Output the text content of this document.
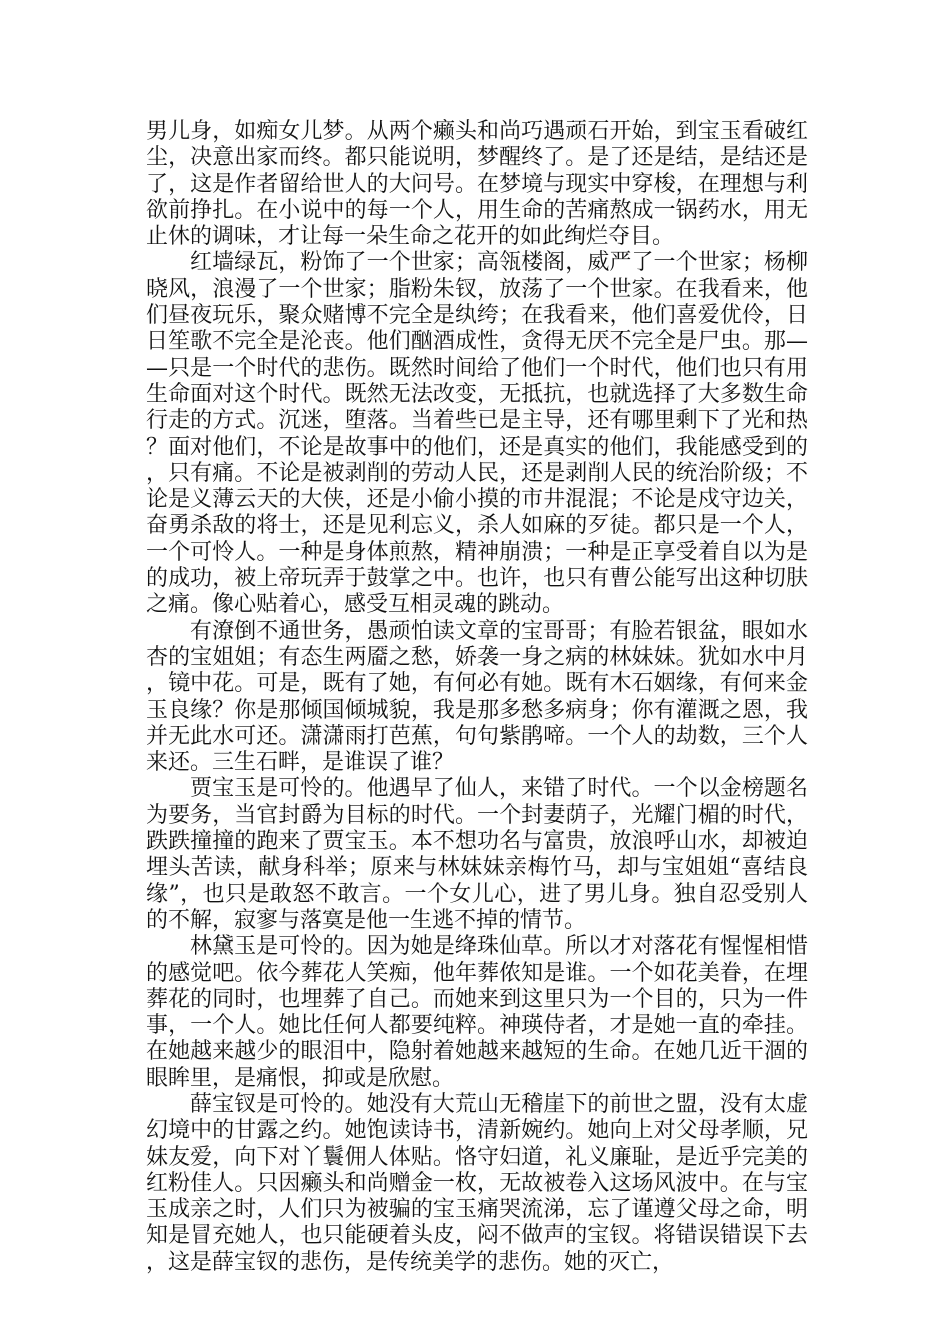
男儿身，如痴女儿梦。从两个癞头和尚巧遇顽石开始，到宝玉看破红尘，决意出家而终。都只能说明，梦醒终了。是了还是结，是结还是了，这是作者留给世人的大问号。在梦境与现实中穿梭，在理想与利欲前挣扎。在小说中的每一个人，用生命的苦痛熬成一锅药水，用无止休的调味，才让每一朵生命之花开的如此绚烂夺目。

红墙绿瓦，粉饰了一个世家；高瓴楼阁，威严了一个世家；杨柳晓风，浪漫了一个世家；脂粉朱钗，放荡了一个世家。在我看来，他们昼夜玩乐，聚众赌博不完全是纨绔；在我看来，他们喜爱优伶，日日笙歌不完全是沦丧。他们酗酒成性，贪得无厌不完全是尸虫。那——只是一个时代的悲伤。既然时间给了他们一个时代，他们也只有用生命面对这个时代。既然无法改变，无抵抗，也就选择了大多数生命行走的方式。沉迷，堕落。当着些已是主导，还有哪里剩下了光和热？面对他们，不论是故事中的他们，还是真实的他们，我能感受到的，只有痛。不论是被剥削的劳动人民，还是剥削人民的统治阶级；不论是义薄云天的大侠，还是小偷小摸的市井混混；不论是戍守边关，奋勇杀敌的将士，还是见利忘义，杀人如麻的歹徒。都只是一个人，一个可怜人。一种是身体煎熬，精神崩溃；一种是正享受着自以为是的成功，被上帝玩弄于鼓掌之中。也许，也只有曹公能写出这种切肤之痛。像心贴着心，感受互相灵魂的跳动。

有潦倒不通世务，愚顽怕读文章的宝哥哥；有脸若银盆，眼如水杏的宝姐姐；有态生两靥之愁，娇袭一身之病的林妹妹。犹如水中月，镜中花。可是，既有了她，有何必有她。既有木石姻缘，有何来金玉良缘？你是那倾国倾城貌，我是那多愁多病身；你有灌溉之恩，我并无此水可还。潇潇雨打芭蕉，句句紫鹃啼。一个人的劫数，三个人来还。三生石畔，是谁误了谁？

贾宝玉是可怜的。他遇早了仙人，来错了时代。一个以金榜题名为要务，当官封爵为目标的时代。一个封妻荫子，光耀门楣的时代，跌跌撞撞的跑来了贾宝玉。本不想功名与富贵，放浪呼山水，却被迫埋头苦读，献身科举；原来与林妹妹亲梅竹马，却与宝姐姐“喜结良缘”，也只是敢怒不敢言。一个女儿心，进了男儿身。独自忍受别人的不解，寂寥与落寞是他一生逃不掉的情节。

林黛玉是可怜的。因为她是绛珠仙草。所以才对落花有惺惺相惜的感觉吧。依今葬花人笑痴，他年葬侬知是谁。一个如花美眷，在埋葬花的同时，也埋葬了自己。而她来到这里只为一个目的，只为一件事，一个人。她比任何人都要纯粹。神瑛侍者，才是她一直的牵挂。在她越来越少的眼泪中，隐射着她越来越短的生命。在她几近干涸的眼眸里，是痛恨，抑或是欣慰。

薛宝钗是可怜的。她没有大荒山无稽崖下的前世之盟，没有太虚幻境中的甘露之约。她饱读诗书，清新婉约。她向上对父母孝顺，兄妹友爱，向下对丫鬟佣人体贴。恪守妇道，礼义廉耻，是近乎完美的红粉佳人。只因癞头和尚赠金一枚，无故被卷入这场风波中。在与宝玉成亲之时，人们只为被骗的宝玉痛哭流涕，忘了谨遵父母之命，明知是冒充她人，也只能硬着头皮，闷不做声的宝钗。将错误错误下去，这是薛宝钗的悲伤，是传统美学的悲伤。她的灭亡，
